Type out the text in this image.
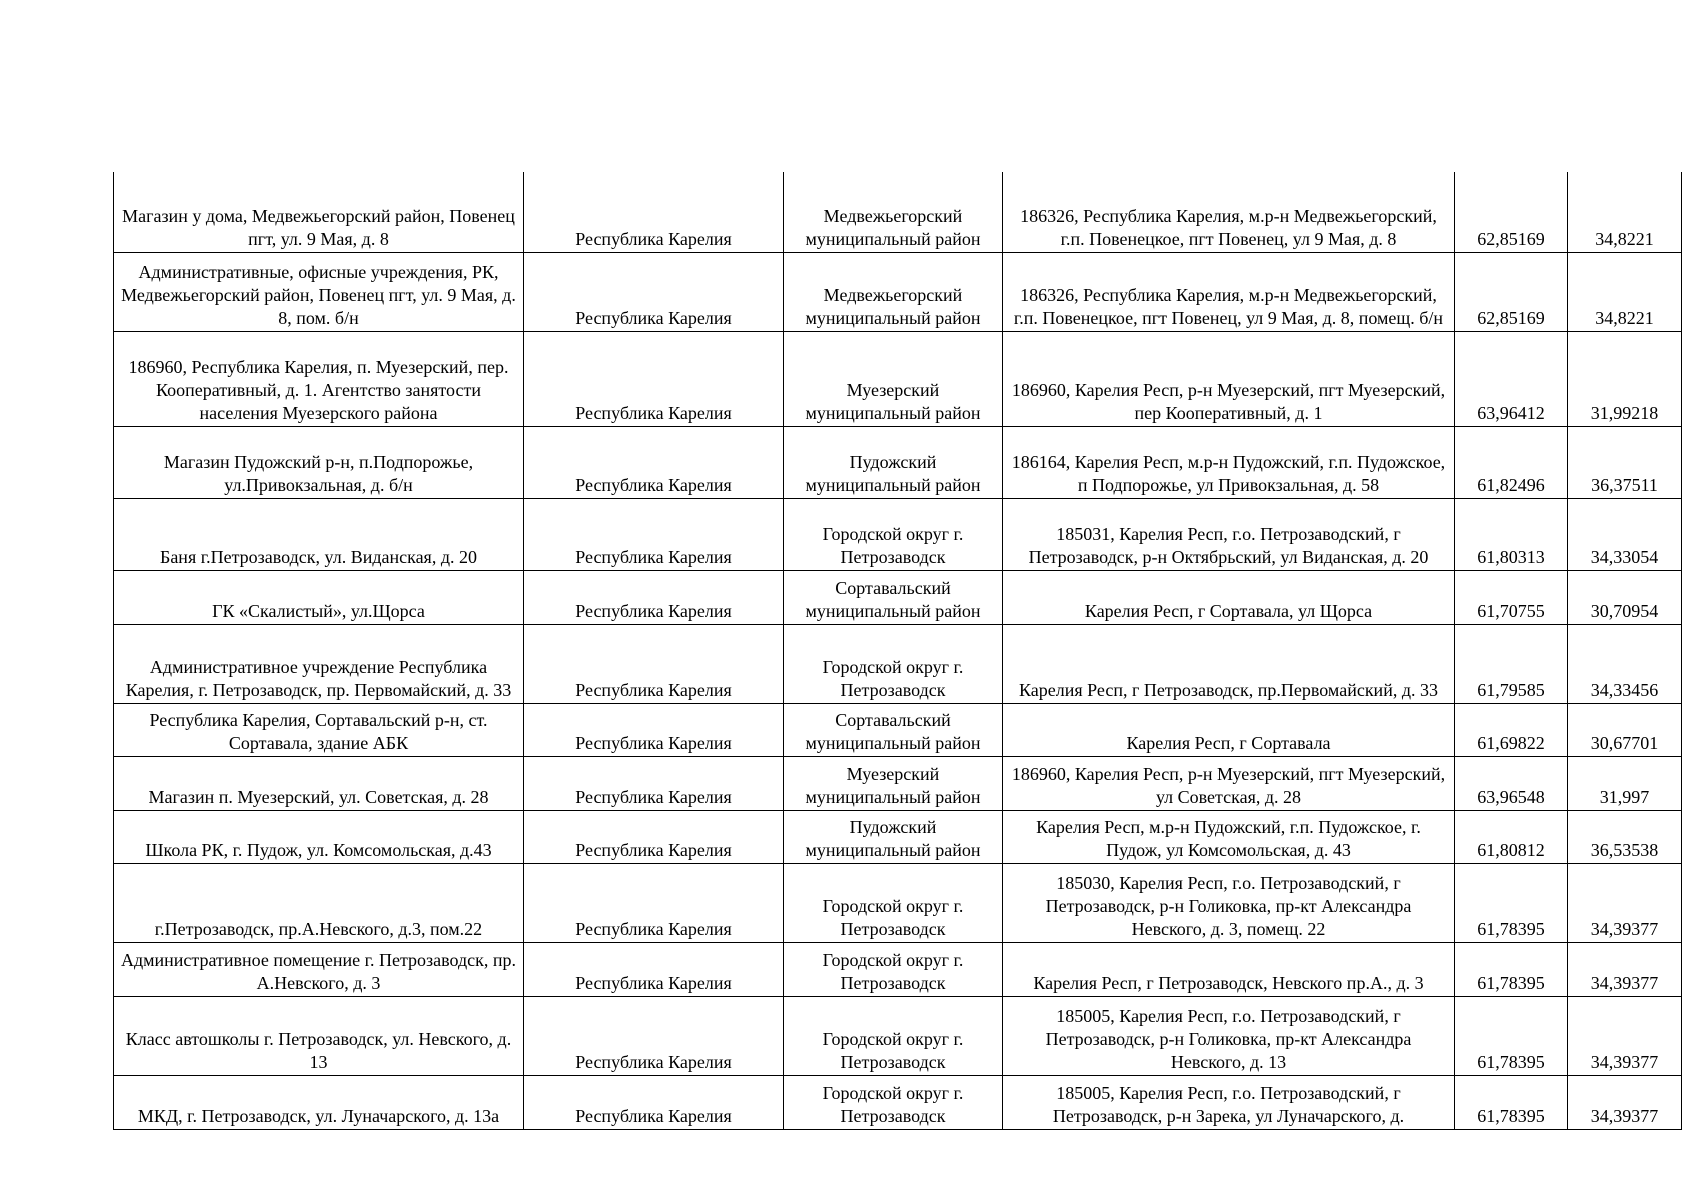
Магазин у дома, Медвежьегорский район, Повенец пгт, ул. 9 Мая, д. 8	Республика Карелия	Медвежьегорский муниципальный район	186326, Республика Карелия, м.р-н Медвежьегорский, г.п. Повенецкое, пгт Повенец, ул 9 Мая, д. 8	62,85169	34,8221
Административные, офисные учреждения, РК, Медвежьегорский район, Повенец пгт, ул. 9 Мая, д. 8, пом. б/н	Республика Карелия	Медвежьегорский муниципальный район	186326, Республика Карелия, м.р-н Медвежьегорский, г.п. Повенецкое, пгт Повенец, ул 9 Мая, д. 8, помещ. б/н	62,85169	34,8221
186960, Республика Карелия, п. Муезерский, пер. Кооперативный, д. 1. Агентство занятости населения Муезерского района	Республика Карелия	Муезерский муниципальный район	186960, Карелия Респ, р-н Муезерский, пгт Муезерский, пер Кооперативный, д. 1	63,96412	31,99218
Магазин Пудожский р-н, п.Подпорожье, ул.Привокзальная, д. б/н	Республика Карелия	Пудожский муниципальный район	186164, Карелия Респ, м.р-н Пудожский, г.п. Пудожское, п Подпорожье, ул Привокзальная, д. 58	61,82496	36,37511
Баня г.Петрозаводск, ул. Виданская, д. 20	Республика Карелия	Городской округ г. Петрозаводск	185031, Карелия Респ, г.о. Петрозаводский, г Петрозаводск, р-н Октябрьский, ул Виданская, д. 20	61,80313	34,33054
ГК «Скалистый», ул.Щорса	Республика Карелия	Сортавальский муниципальный район	Карелия Респ, г Сортавала, ул Щорса	61,70755	30,70954
Административное учреждение Республика Карелия, г. Петрозаводск, пр. Первомайский, д. 33	Республика Карелия	Городской округ г. Петрозаводск	Карелия Респ, г Петрозаводск, пр.Первомайский, д. 33	61,79585	34,33456
Республика Карелия, Сортавальский р-н, ст. Сортавала, здание АБК	Республика Карелия	Сортавальский муниципальный район	Карелия Респ, г Сортавала	61,69822	30,67701
Магазин п. Муезерский, ул. Советская, д. 28	Республика Карелия	Муезерский муниципальный район	186960, Карелия Респ, р-н Муезерский, пгт Муезерский, ул Советская, д. 28	63,96548	31,997
Школа РК, г. Пудож, ул. Комсомольская, д.43	Республика Карелия	Пудожский муниципальный район	Карелия Респ, м.р-н Пудожский, г.п. Пудожское, г. Пудож, ул Комсомольская, д. 43	61,80812	36,53538
г.Петрозаводск, пр.А.Невского, д.3, пом.22	Республика Карелия	Городской округ г. Петрозаводск	185030, Карелия Респ, г.о. Петрозаводский, г Петрозаводск, р-н Голиковка, пр-кт Александра Невского, д. 3, помещ. 22	61,78395	34,39377
Административное помещение г. Петрозаводск, пр. А.Невского, д. 3	Республика Карелия	Городской округ г. Петрозаводск	Карелия Респ, г Петрозаводск, Невского пр.А., д. 3	61,78395	34,39377
Класс автошколы г. Петрозаводск, ул. Невского, д. 13	Республика Карелия	Городской округ г. Петрозаводск	185005, Карелия Респ, г.о. Петрозаводский, г Петрозаводск, р-н Голиковка, пр-кт Александра Невского, д. 13	61,78395	34,39377
МКД, г. Петрозаводск, ул. Луначарского, д. 13а	Республика Карелия	Городской округ г. Петрозаводск	185005, Карелия Респ, г.о. Петрозаводский, г Петрозаводск, р-н Зарека, ул Луначарского, д.	61,78395	34,39377
